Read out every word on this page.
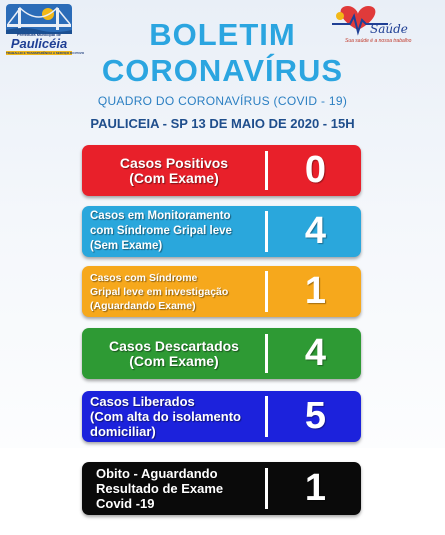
Prefeitura Municipal de
Paulicéia
TRABALHO E TRANSPARÊNCIA A SERVIÇO DO POVO
Saúde
Sua saúde é a nossa trabalho
BOLETIM
CORONAVÍRUS
QUADRO DO CORONAVÍRUS (COVID - 19)
PAULICEIA - SP 13 DE MAIO DE 2020 - 15H
Casos Positivos
(Com Exame)	0
Casos em Monitoramento
com Síndrome Gripal leve
(Sem Exame)	4
Casos com Síndrome
Gripal leve em investigação
(Aguardando Exame)	1
Casos Descartados
(Com Exame)	4
Casos Liberados
(Com alta do isolamento
domiciliar)	5
Obito - Aguardando
Resultado de Exame
Covid -19	1
